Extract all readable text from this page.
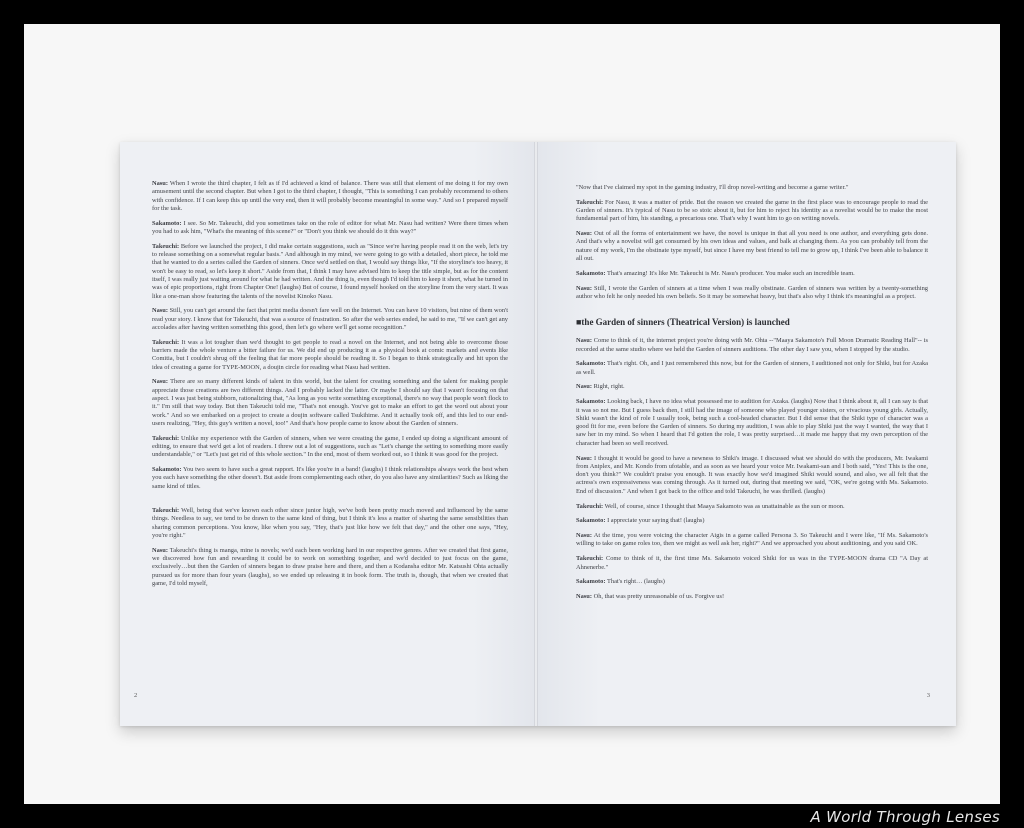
Nasu: When I wrote the third chapter, I felt as if I'd achieved a kind of balance. There was still that element of me doing it for my own amusement until the second chapter. But when I got to the third chapter, I thought, "This is something I can probably recommend to others with confidence. If I can keep this up until the very end, then it will probably become meaningful in some way." And so I prepared myself for the task.

Sakamoto: I see. So Mr. Takeuchi, did you sometimes take on the role of editor for what Mr. Nasu had written? Were there times when you had to ask him, "What's the meaning of this scene?" or "Don't you think we should do it this way?"

Takeuchi: Before we launched the project, I did make certain suggestions, such as "Since we're having people read it on the web, let's try to release something on a somewhat regular basis." And although in my mind, we were going to go with a detailed, short piece, he told me that he wanted to do a series called the Garden of sinners. Once we'd settled on that, I would say things like, "If the storyline's too heavy, it won't be easy to read, so let's keep it short." Aside from that, I think I may have advised him to keep the title simple, but as for the content itself, I was really just waiting around for what he had written. And the thing is, even though I'd told him to keep it short, what he turned in was of epic proportions, right from Chapter One! (laughs) But of course, I found myself hooked on the storyline from the very start. It was like a one-man show featuring the talents of the novelist Kinoko Nasu.

Nasu: Still, you can't get around the fact that print media doesn't fare well on the Internet. You can have 10 visitors, but nine of them won't read your story. I know that for Takeuchi, that was a source of frustration. So after the web series ended, he said to me, "If we can't get any accolades after having written something this good, then let's go where we'll get some recognition."

Takeuchi: It was a lot tougher than we'd thought to get people to read a novel on the Internet, and not being able to overcome those barriers made the whole venture a bitter failure for us. We did end up producing it as a physical book at comic markets and events like Comitia, but I couldn't shrug off the feeling that far more people should be reading it. So I began to think strategically and hit upon the idea of creating a game for TYPE-MOON, a doujin circle for reading what Nasu had written.

Nasu: There are so many different kinds of talent in this world, but the talent for creating something and the talent for making people appreciate those creations are two different things. And I probably lacked the latter. Or maybe I should say that I wasn't focusing on that aspect. I was just being stubborn, rationalizing that, "As long as you write something exceptional, there's no way that people won't flock to it." I'm still that way today. But then Takeuchi told me, "That's not enough. You've got to make an effort to get the word out about your work." And so we embarked on a project to create a doujin software called Tsukihime. And it actually took off, and this led to our end-users realizing, "Hey, this guy's written a novel, too!" And that's how people came to know about the Garden of sinners.

Takeuchi: Unlike my experience with the Garden of sinners, when we were creating the game, I ended up doing a significant amount of editing, to ensure that we'd get a lot of readers. I threw out a lot of suggestions, such as "Let's change the setting to something more easily understandable," or "Let's just get rid of this whole section." In the end, most of them worked out, so I think it was good for the project.

Sakamoto: You two seem to have such a great rapport. It's like you're in a band! (laughs) I think relationships always work the best when you each have something the other doesn't. But aside from complementing each other, do you also have any similarities? Such as liking the same kind of titles.

Takeuchi: Well, being that we've known each other since junior high, we've both been pretty much moved and influenced by the same things. Needless to say, we tend to be drawn to the same kind of thing, but I think it's less a matter of sharing the same sensibilities than sharing common perceptions. You know, like when you say, "Hey, that's just like how we felt that day," and the other one says, "Hey, you're right."

Nasu: Takeuchi's thing is manga, mine is novels; we'd each been working hard in our respective genres. After we created that first game, we discovered how fun and rewarding it could be to work on something together, and we'd decided to just focus on the game, exclusively…but then the Garden of sinners began to draw praise here and there, and then a Kodansha editor Mr. Katsushi Ohta actually pursued us for more than four years (laughs), so we ended up releasing it in book form. The truth is, though, that when we created that game, I'd told myself,

2

"Now that I've claimed my spot in the gaming industry, I'll drop novel-writing and become a game writer."

Takeuchi: For Nasu, it was a matter of pride. But the reason we created the game in the first place was to encourage people to read the Garden of sinners. It's typical of Nasu to be so stoic about it, but for him to reject his identity as a novelist would be to make the most fundamental part of him, his standing, a precarious one. That's why I want him to go on writing novels.

Nasu: Out of all the forms of entertainment we have, the novel is unique in that all you need is one author, and everything gets done. And that's why a novelist will get consumed by his own ideas and values, and balk at changing them. As you can probably tell from the nature of my work, I'm the obstinate type myself, but since I have my best friend to tell me to grow up, I think I've been able to balance it all out.

Sakamoto: That's amazing! It's like Mr. Takeuchi is Mr. Nasu's producer. You make such an incredible team.

Nasu: Still, I wrote the Garden of sinners at a time when I was really obstinate. Garden of sinners was written by a twenty-something author who felt he only needed his own beliefs. So it may be somewhat heavy, but that's also why I think it's meaningful as a project.

■the Garden of sinners (Theatrical Version) is launched

Nasu: Come to think of it, the internet project you're doing with Mr. Ohta --"Maaya Sakamoto's Full Moon Dramatic Reading Hall"-- is recorded at the same studio where we held the Garden of sinners auditions. The other day I saw you, when I stopped by the studio.

Sakamoto: That's right. Oh, and I just remembered this now, but for the Garden of sinners, I auditioned not only for Shiki, but for Azaka as well.

Nasu: Right, right.

Sakamoto: Looking back, I have no idea what possessed me to audition for Azaka. (laughs) Now that I think about it, all I can say is that it was so not me. But I guess back then, I still had the image of someone who played younger sisters, or vivacious young girls. Actually, Shiki wasn't the kind of role I usually took, being such a cool-headed character. But I did sense that the Shiki type of character was a good fit for me, even before the Garden of sinners. So during my audition, I was able to play Shiki just the way I wanted, the way that I saw her in my mind. So when I heard that I'd gotten the role, I was pretty surprised…it made me happy that my own perception of the character had been so well received.

Nasu: I thought it would be good to have a newness to Shiki's image. I discussed what we should do with the producers, Mr. Iwakami from Aniplex, and Mr. Kondo from ufotable, and as soon as we heard your voice Mr. Iwakami-san and I both said, "Yes! This is the one, don't you think?" We couldn't praise you enough. It was exactly how we'd imagined Shiki would sound, and also, we all felt that the actress's own expressiveness was coming through. As it turned out, during that meeting we said, "OK, we're going with Ms. Sakamoto. End of discussion." And when I got back to the office and told Takeuchi, he was thrilled. (laughs)

Takeuchi: Well, of course, since I thought that Maaya Sakamoto was as unattainable as the sun or moon.

Sakamoto: I appreciate your saying that! (laughs)

Nasu: At the time, you were voicing the character Aigis in a game called Persona 3. So Takeuchi and I were like, "If Ms. Sakamoto's willing to take on game roles too, then we might as well ask her, right?" And we approached you about auditioning, and you said OK.

Takeuchi: Come to think of it, the first time Ms. Sakamoto voiced Shiki for us was in the TYPE-MOON drama CD "A Day at Ahnenerbe."

Sakamoto: That's right… (laughs)

Nasu: Oh, that was pretty unreasonable of us. Forgive us!

3
A World Through Lenses
